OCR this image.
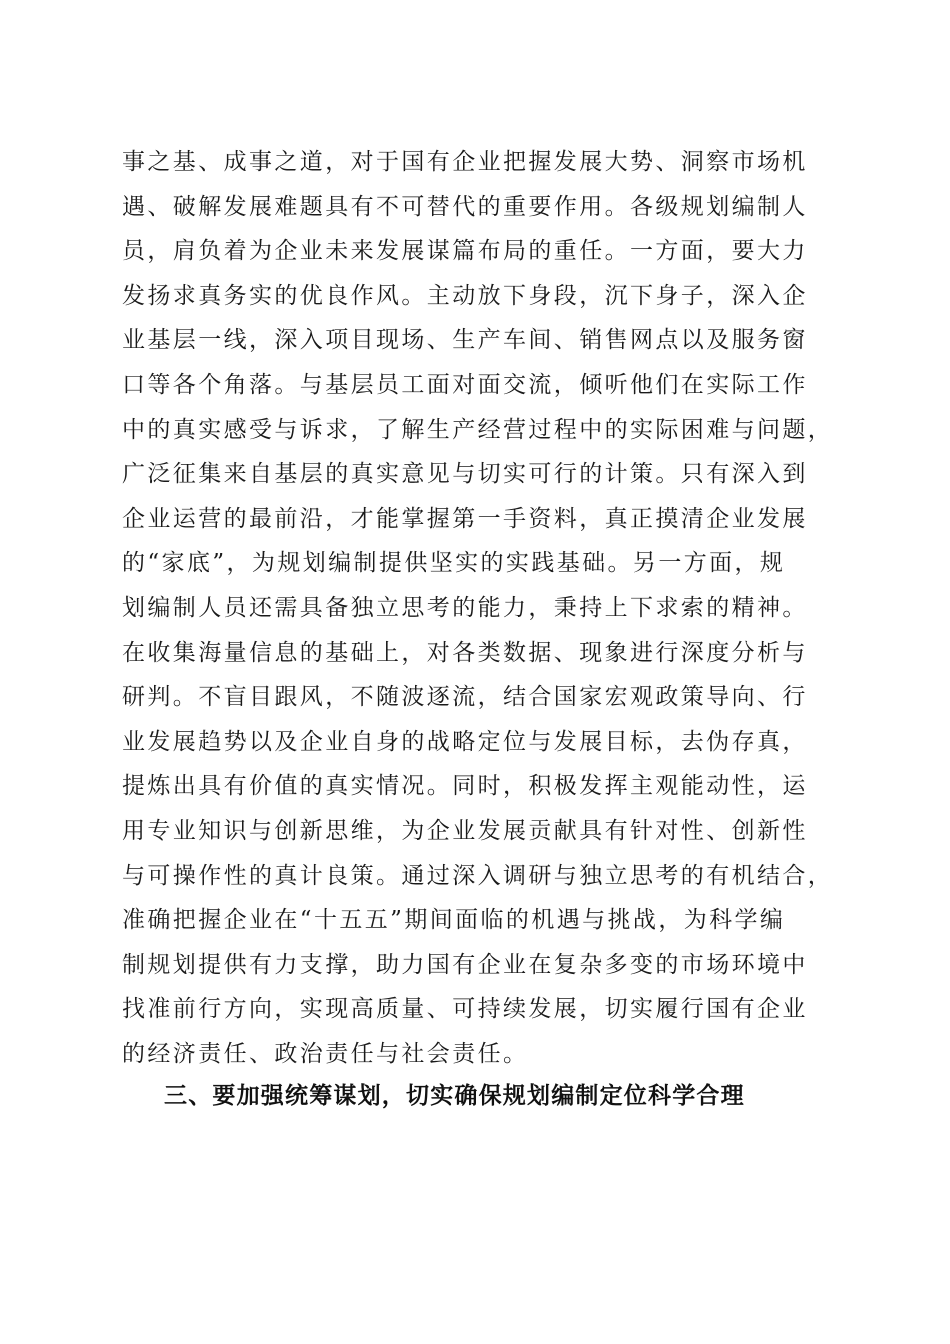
事之基、成事之道，对于国有企业把握发展大势、洞察市场机
遇、破解发展难题具有不可替代的重要作用。各级规划编制人
员，肩负着为企业未来发展谋篇布局的重任。一方面，要大力
发扬求真务实的优良作风。主动放下身段，沉下身子，深入企
业基层一线，深入项目现场、生产车间、销售网点以及服务窗
口等各个角落。与基层员工面对面交流，倾听他们在实际工作
中的真实感受与诉求，了解生产经营过程中的实际困难与问题，
广泛征集来自基层的真实意见与切实可行的计策。只有深入到
企业运营的最前沿，才能掌握第一手资料，真正摸清企业发展
的“家底”，为规划编制提供坚实的实践基础。另一方面，规
划编制人员还需具备独立思考的能力，秉持上下求索的精神。
在收集海量信息的基础上，对各类数据、现象进行深度分析与
研判。不盲目跟风，不随波逐流，结合国家宏观政策导向、行
业发展趋势以及企业自身的战略定位与发展目标，去伪存真，
提炼出具有价值的真实情况。同时，积极发挥主观能动性，运
用专业知识与创新思维，为企业发展贡献具有针对性、创新性
与可操作性的真计良策。通过深入调研与独立思考的有机结合，
准确把握企业在“十五五”期间面临的机遇与挑战，为科学编
制规划提供有力支撑，助力国有企业在复杂多变的市场环境中
找准前行方向，实现高质量、可持续发展，切实履行国有企业
的经济责任、政治责任与社会责任。
三、要加强统筹谋划，切实确保规划编制定位科学合理
